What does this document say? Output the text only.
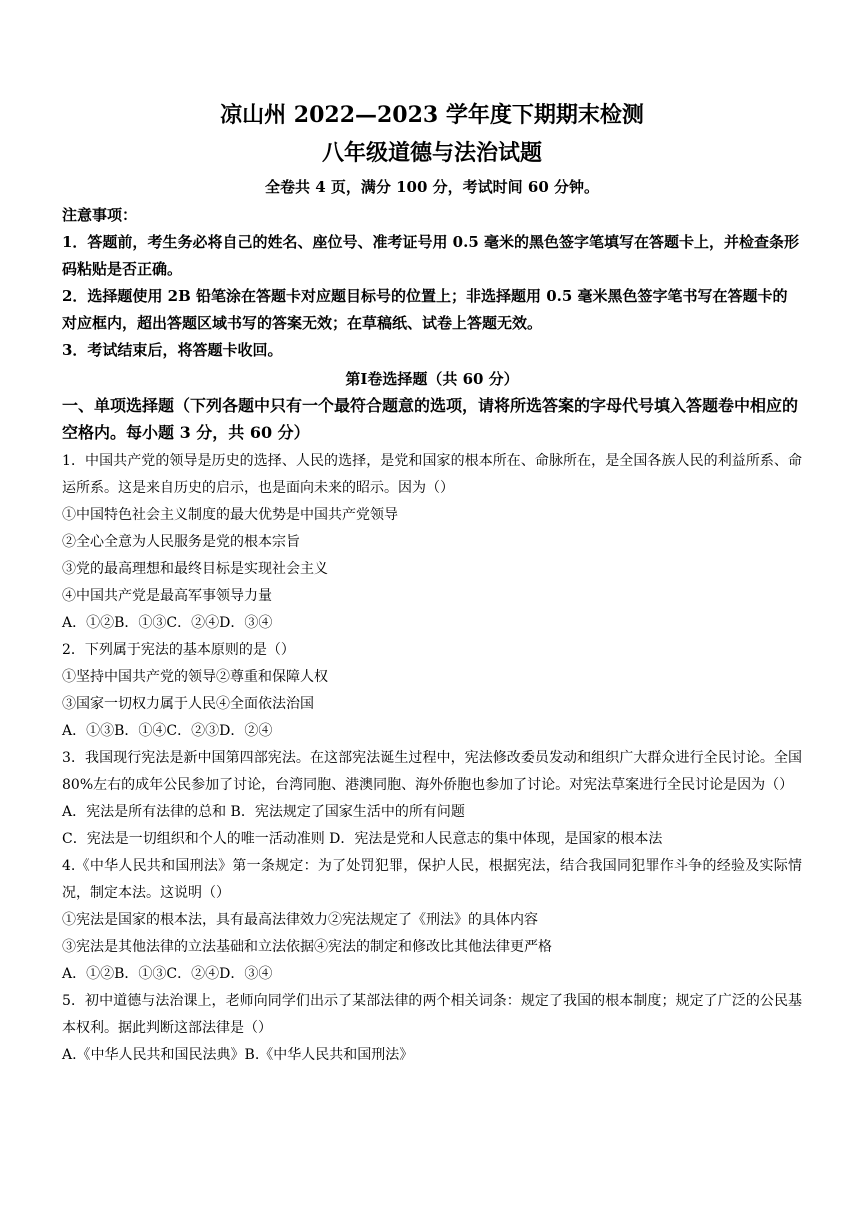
凉山州 2022—2023 学年度下期期末检测
八年级道德与法治试题
全卷共 4 页，满分 100 分，考试时间 60 分钟。
注意事项：
1．答题前，考生务必将自己的姓名、座位号、准考证号用 0.5 毫米的黑色签字笔填写在答题卡上，并检查条形码粘贴是否正确。
2．选择题使用 2B 铅笔涂在答题卡对应题目标号的位置上；非选择题用 0.5 毫米黑色签字笔书写在答题卡的对应框内，超出答题区域书写的答案无效；在草稿纸、试卷上答题无效。
3．考试结束后，将答题卡收回。
第Ⅰ卷选择题（共 60 分）
一、单项选择题（下列各题中只有一个最符合题意的选项，请将所选答案的字母代号填入答题卷中相应的空格内。每小题 3 分，共 60 分）
1．中国共产党的领导是历史的选择、人民的选择，是党和国家的根本所在、命脉所在，是全国各族人民的利益所系、命运所系。这是来自历史的启示，也是面向未来的昭示。因为（）
①中国特色社会主义制度的最大优势是中国共产党领导
②全心全意为人民服务是党的根本宗旨
③党的最高理想和最终目标是实现社会主义
④中国共产党是最高军事领导力量
A．①②B．①③C．②④D．③④
2．下列属于宪法的基本原则的是（）
①坚持中国共产党的领导②尊重和保障人权
③国家一切权力属于人民④全面依法治国
A．①③B．①④C．②③D．②④
3．我国现行宪法是新中国第四部宪法。在这部宪法诞生过程中，宪法修改委员发动和组织广大群众进行全民讨论。全国 80%左右的成年公民参加了讨论，台湾同胞、港澳同胞、海外侨胞也参加了讨论。对宪法草案进行全民讨论是因为（）
A．宪法是所有法律的总和 B．宪法规定了国家生活中的所有问题
C．宪法是一切组织和个人的唯一活动准则 D．宪法是党和人民意志的集中体现，是国家的根本法
4.《中华人民共和国刑法》第一条规定：为了处罚犯罪，保护人民，根据宪法，结合我国同犯罪作斗争的经验及实际情况，制定本法。这说明（）
①宪法是国家的根本法，具有最高法律效力②宪法规定了《刑法》的具体内容
③宪法是其他法律的立法基础和立法依据④宪法的制定和修改比其他法律更严格
A．①②B．①③C．②④D．③④
5．初中道德与法治课上，老师向同学们出示了某部法律的两个相关词条：规定了我国的根本制度；规定了广泛的公民基本权利。据此判断这部法律是（）
A.《中华人民共和国民法典》B.《中华人民共和国刑法》
